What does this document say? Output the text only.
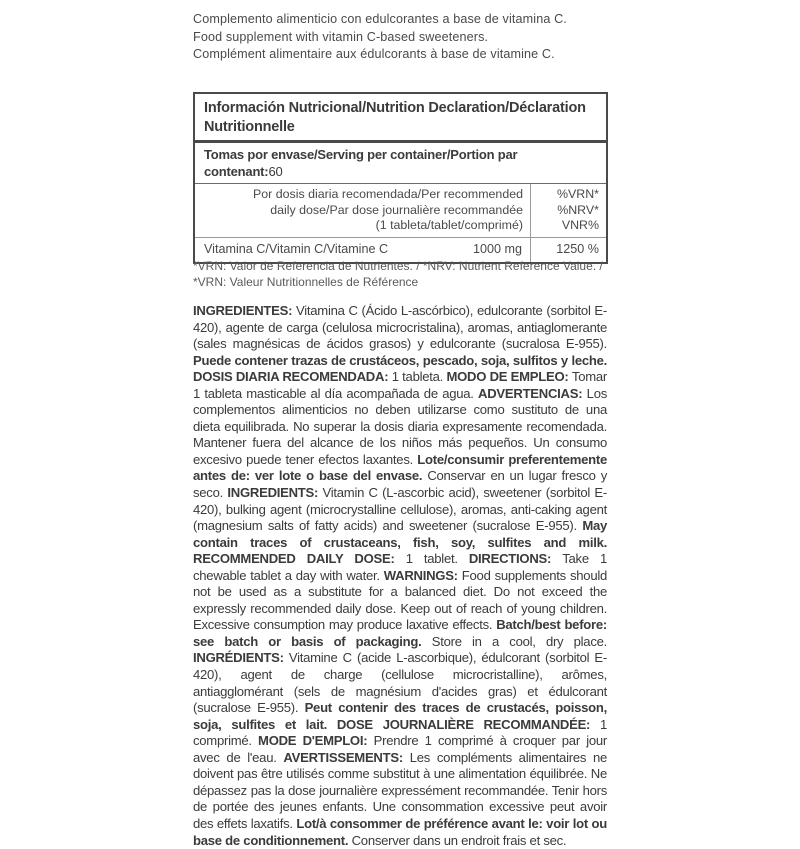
Complemento alimenticio con edulcorantes a base de vitamina C.
Food supplement with vitamin C-based sweeteners.
Complément alimentaire aux édulcorants à base de vitamine C.
Información Nutricional/Nutrition Declaration/Déclaration Nutritionnelle
Tomas por envase/Serving per container/Portion par contenant:60
Por dosis diaria recomendada/Per recommended
daily dose/Par dose journalière recommandée
(1 tableta/tablet/comprimé)
%VRN*
%NRV*
VNR%
Vitamina C/Vitamin C/Vitamine C	1000 mg	1250 %
*VRN: Valor de Referencia de Nutrientes. / *NRV: Nutrient Reference Value. /
*VRN: Valeur Nutritionnelles de Référence
INGREDIENTES: Vitamina C (Ácido L-ascórbico), edulcorante (sorbitol E-420), agente de carga (celulosa microcristalina), aromas, antiaglomerante (sales magnésicas de ácidos grasos) y edulcorante (sucralosa E-955). Puede contener trazas de crustáceos, pescado, soja, sulfitos y leche. DOSIS DIARIA RECOMENDADA: 1 tableta. MODO DE EMPLEO: Tomar 1 tableta masticable al día acompañada de agua. ADVERTENCIAS: Los complementos alimenticios no deben utilizarse como sustituto de una dieta equilibrada. No superar la dosis diaria expresamente recomendada. Mantener fuera del alcance de los niños más pequeños. Un consumo excesivo puede tener efectos laxantes. Lote/consumir preferentemente antes de: ver lote o base del envase. Conservar en un lugar fresco y seco. INGREDIENTS: Vitamin C (L-ascorbic acid), sweetener (sorbitol E-420), bulking agent (microcrystalline cellulose), aromas, anti-caking agent (magnesium salts of fatty acids) and sweetener (sucralose E-955). May contain traces of crustaceans, fish, soy, sulfites and milk. RECOMMENDED DAILY DOSE: 1 tablet. DIRECTIONS: Take 1 chewable tablet a day with water. WARNINGS: Food supplements should not be used as a substitute for a balanced diet. Do not exceed the expressly recommended daily dose. Keep out of reach of young children. Excessive consumption may produce laxative effects. Batch/best before: see batch or basis of packaging. Store in a cool, dry place. INGRÉDIENTS: Vitamine C (acide L-ascorbique), édulcorant (sorbitol E-420), agent de charge (cellulose microcristalline), arômes, antiagglomérant (sels de magnésium d'acides gras) et édulcorant (sucralose E-955). Peut contenir des traces de crustacés, poisson, soja, sulfites et lait. DOSE JOURNALIÈRE RECOMMANDÉE: 1 comprimé. MODE D'EMPLOI: Prendre 1 comprimé à croquer par jour avec de l'eau. AVERTISSEMENTS: Les compléments alimentaires ne doivent pas être utilisés comme substitut à une alimentation équilibrée. Ne dépassez pas la dose journalière expressément recommandée. Tenir hors de portée des jeunes enfants. Une consommation excessive peut avoir des effets laxatifs. Lot/à consommer de préférence avant le: voir lot ou base de conditionnement. Conserver dans un endroit frais et sec.
